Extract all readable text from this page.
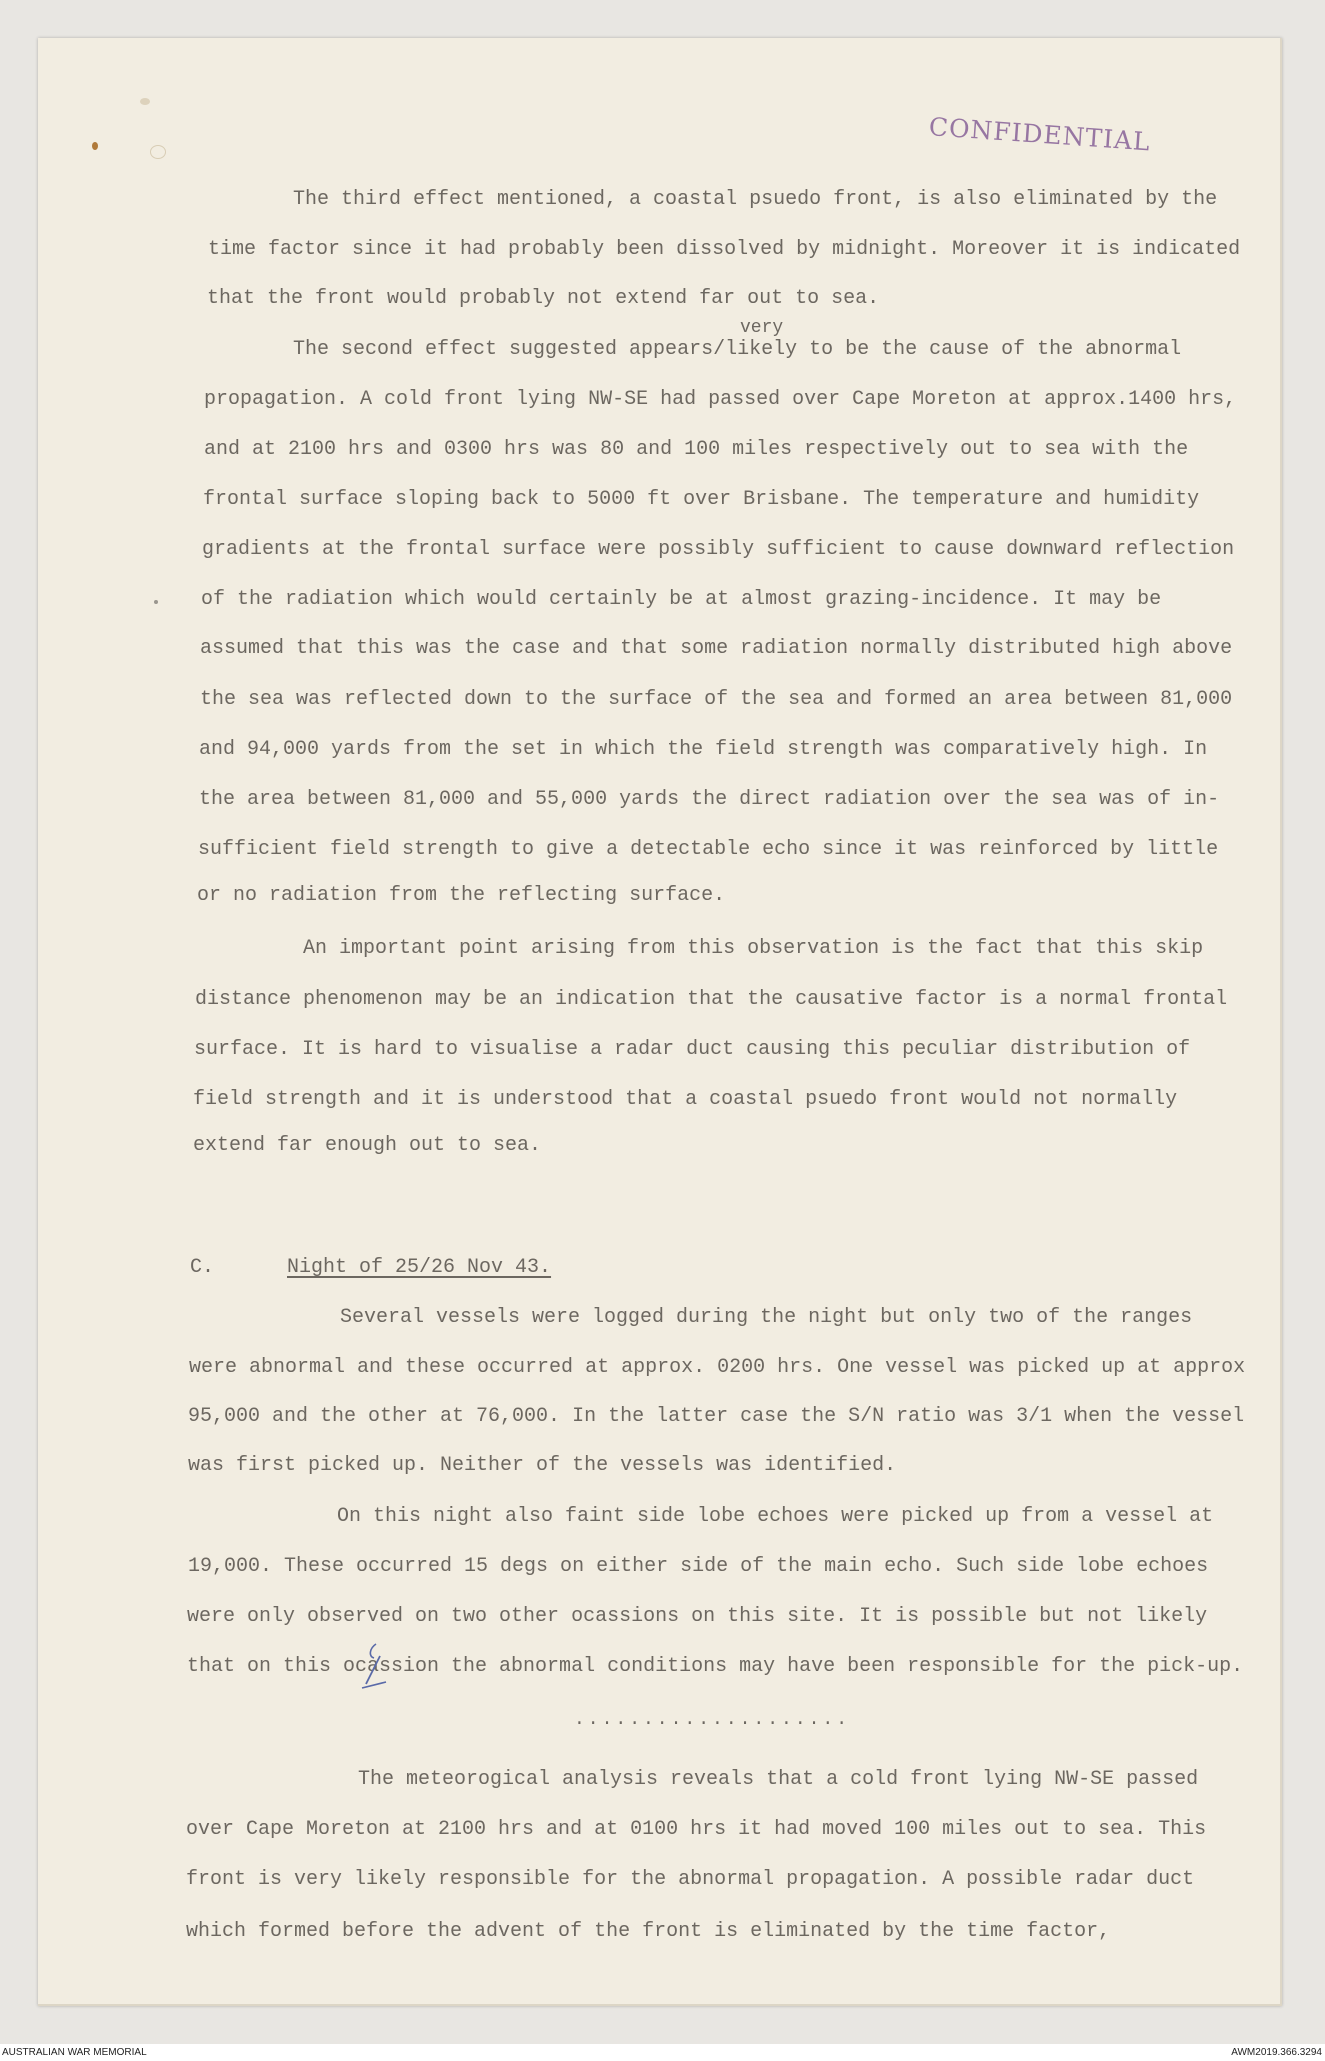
CONFIDENTIAL

The third effect mentioned, a coastal psuedo front, is also eliminated by the

time factor since it had probably been dissolved by midnight. Moreover it is indicated

that the front would probably not extend far out to sea.

very

The second effect suggested appears/likely to be the cause of the abnormal

propagation. A cold front lying NW-SE had passed over Cape Moreton at approx.1400 hrs,

and at 2100 hrs and 0300 hrs was 80 and 100 miles respectively out to sea with the

frontal surface sloping back to 5000 ft over Brisbane. The temperature and humidity

gradients at the frontal surface were possibly sufficient to cause downward reflection

of the radiation which would certainly be at almost grazing-incidence. It may be

assumed that this was the case and that some radiation normally distributed high above

the sea was reflected down to the surface of the sea and formed an area between 81,000

and 94,000 yards from the set in which the field strength was comparatively high. In

the area between 81,000 and 55,000 yards the direct radiation over the sea was of in-

sufficient field strength to give a detectable echo since it was reinforced by little

or no radiation from the reflecting surface.

An important point arising from this observation is the fact that this skip

distance phenomenon may be an indication that the causative factor is a normal frontal

surface. It is hard to visualise a radar duct causing this peculiar distribution of

field strength and it is understood that a coastal psuedo front would not normally

extend far enough out to sea.

C.	Night of 25/26 Nov 43.

Several vessels were logged during the night but only two of the ranges

were abnormal and these occurred at approx. 0200 hrs. One vessel was picked up at approx

95,000 and the other at 76,000. In the latter case the S/N ratio was 3/1 when the vessel

was first picked up. Neither of the vessels was identified.

On this night also faint side lobe echoes were picked up from a vessel at

19,000. These occurred 15 degs on either side of the main echo. Such side lobe echoes

were only observed on two other ocassions on this site. It is possible but not likely

that on this ocassion the abnormal conditions may have been responsible for the pick-up.

....................

The meteorogical analysis reveals that a cold front lying NW-SE passed

over Cape Moreton at 2100 hrs and at 0100 hrs it had moved 100 miles out to sea. This

front is very likely responsible for the abnormal propagation. A possible radar duct

which formed before the advent of the front is eliminated by the time factor,

AUSTRALIAN WAR MEMORIAL	AWM2019.366.3294
